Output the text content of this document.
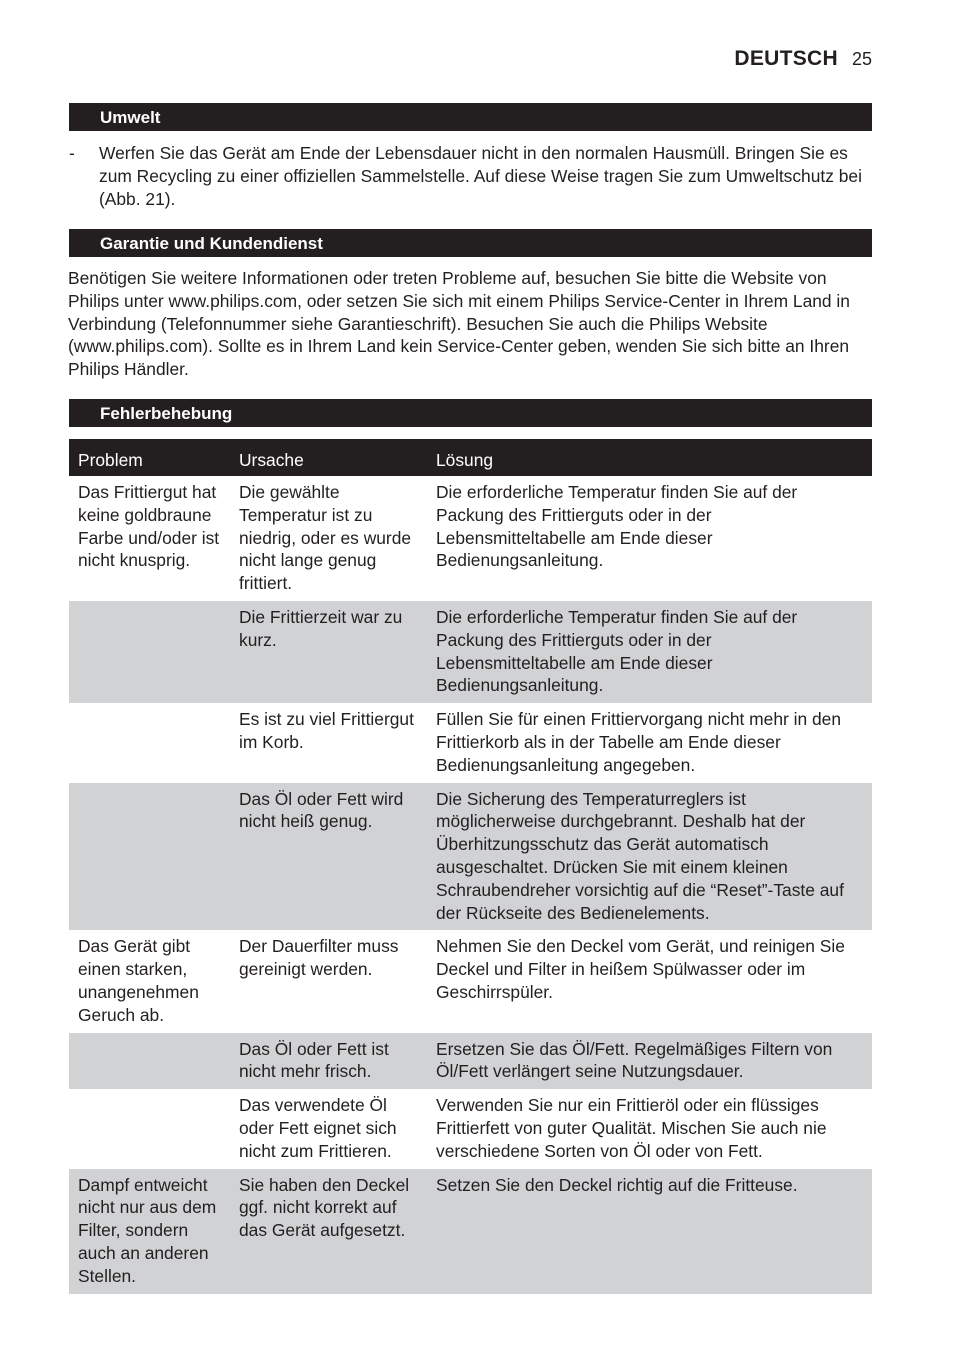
DEUTSCH 25
Umwelt
- Werfen Sie das Gerät am Ende der Lebensdauer nicht in den normalen Hausmüll. Bringen Sie es zum Recycling zu einer offiziellen Sammelstelle. Auf diese Weise tragen Sie zum Umweltschutz bei (Abb. 21).
Garantie und Kundendienst
Benötigen Sie weitere Informationen oder treten Probleme auf, besuchen Sie bitte die Website von Philips unter www.philips.com, oder setzen Sie sich mit einem Philips Service-Center in Ihrem Land in Verbindung (Telefonnummer siehe Garantieschrift). Besuchen Sie auch die Philips Website (www.philips.com). Sollte es in Ihrem Land kein Service-Center geben, wenden Sie sich bitte an Ihren Philips Händler.
Fehlerbehebung
Problem	Ursache	Lösung
Das Frittiergut hat keine goldbraune Farbe und/oder ist nicht knusprig.	Die gewählte Temperatur ist zu niedrig, oder es wurde nicht lange genug frittiert.	Die erforderliche Temperatur finden Sie auf der Packung des Frittierguts oder in der Lebensmitteltabelle am Ende dieser Bedienungsanleitung.
	Die Frittierzeit war zu kurz.	Die erforderliche Temperatur finden Sie auf der Packung des Frittierguts oder in der Lebensmitteltabelle am Ende dieser Bedienungsanleitung.
	Es ist zu viel Frittiergut im Korb.	Füllen Sie für einen Frittiervorgang nicht mehr in den Frittierkorb als in der Tabelle am Ende dieser Bedienungsanleitung angegeben.
	Das Öl oder Fett wird nicht heiß genug.	Die Sicherung des Temperaturreglers ist möglicherweise durchgebrannt. Deshalb hat der Überhitzungsschutz das Gerät automatisch ausgeschaltet. Drücken Sie mit einem kleinen Schraubendreher vorsichtig auf die “Reset”-Taste auf der Rückseite des Bedienelements.
Das Gerät gibt einen starken, unangenehmen Geruch ab.	Der Dauerfilter muss gereinigt werden.	Nehmen Sie den Deckel vom Gerät, und reinigen Sie Deckel und Filter in heißem Spülwasser oder im Geschirrspüler.
	Das Öl oder Fett ist nicht mehr frisch.	Ersetzen Sie das Öl/Fett. Regelmäßiges Filtern von Öl/Fett verlängert seine Nutzungsdauer.
	Das verwendete Öl oder Fett eignet sich nicht zum Frittieren.	Verwenden Sie nur ein Frittieröl oder ein flüssiges Frittierfett von guter Qualität. Mischen Sie auch nie verschiedene Sorten von Öl oder von Fett.
Dampf entweicht nicht nur aus dem Filter, sondern auch an anderen Stellen.	Sie haben den Deckel ggf. nicht korrekt auf das Gerät aufgesetzt.	Setzen Sie den Deckel richtig auf die Fritteuse.
